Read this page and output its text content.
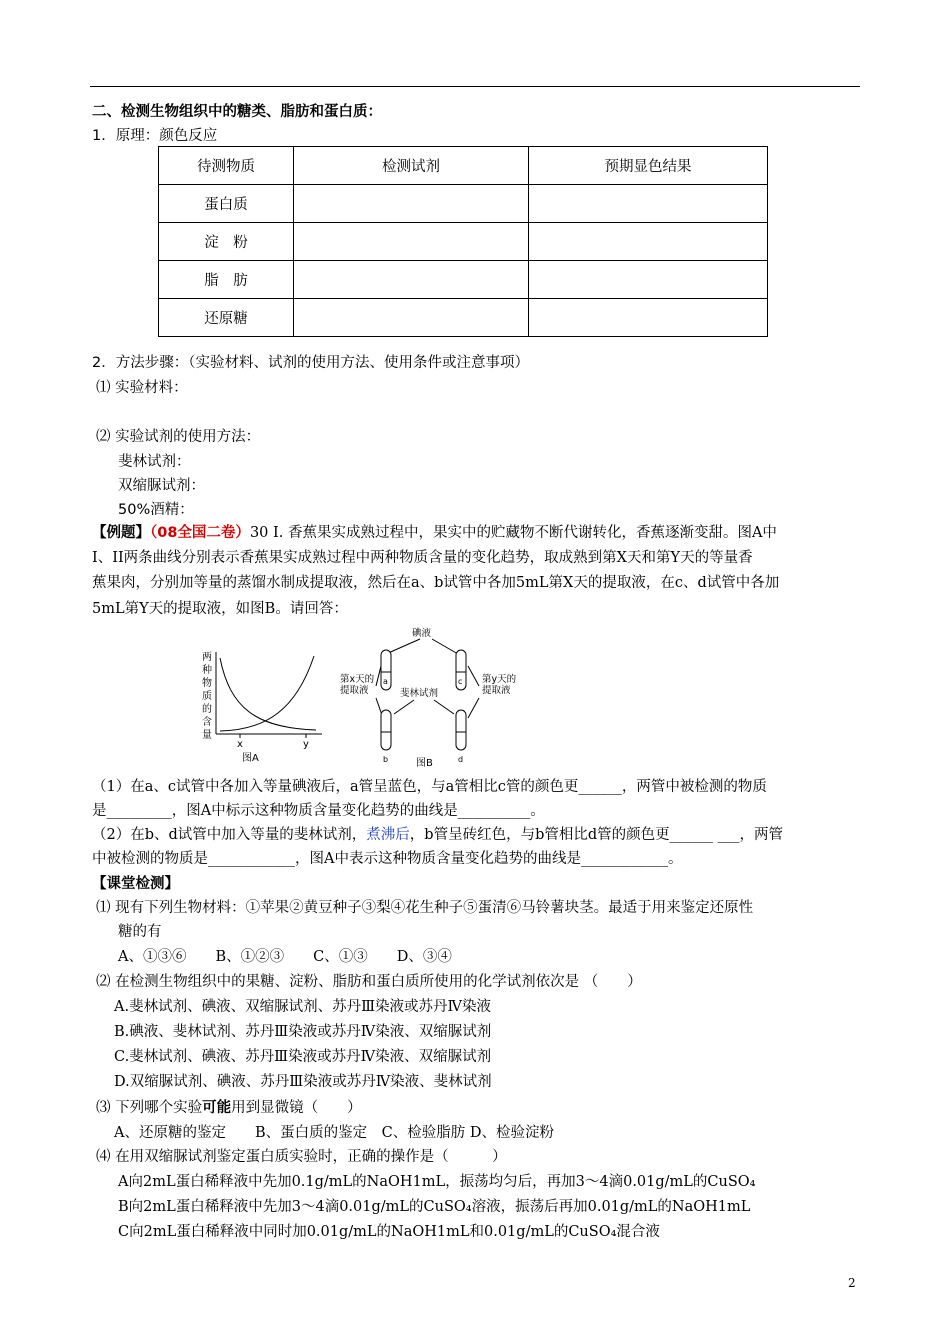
二、检测生物组织中的糖类、脂肪和蛋白质：
1．原理：颜色反应
待测物质	检测试剂	预期显色结果
蛋白质		
淀　粉		
脂　肪		
还原糖		
2．方法步骤：（实验材料、试剂的使用方法、使用条件或注意事项）
⑴ 实验材料：
⑵ 实验试剂的使用方法：
斐林试剂：
双缩脲试剂：
50%酒精：
【例题】（08全国二卷）30 I. 香蕉果实成熟过程中，果实中的贮藏物不断代谢转化，香蕉逐渐变甜。图A中
I、II两条曲线分别表示香蕉果实成熟过程中两种物质含量的变化趋势，取成熟到第X天和第Y天的等量香
蕉果肉，分别加等量的蒸馏水制成提取液，然后在a、b试管中各加5mL第X天的提取液，在c、d试管中各加
5mL第Y天的提取液，如图B。请回答：
两
种
物
质
的
含
量
x	y
图A
碘液
a	c
第x天的
提取液
第y天的
提取液
斐林试剂
b	d
图B
（1）在a、c试管中各加入等量碘液后，a管呈蓝色，与a管相比c管的颜色更______，两管中被检测的物质
是_________，图A中标示这种物质含量变化趋势的曲线是__________。
（2）在b、d试管中加入等量的斐林试剂，煮沸后，b管呈砖红色，与b管相比d管的颜色更______ ___，两管
中被检测的物质是____________，图A中表示这种物质含量变化趋势的曲线是____________。
【课堂检测】
⑴ 现有下列生物材料：①苹果②黄豆种子③梨④花生种子⑤蛋清⑥马铃薯块茎。最适于用来鉴定还原性
糖的有
A、①③⑥　　B、①②③　　C、①③　　D、③④
⑵ 在检测生物组织中的果糖、淀粉、脂肪和蛋白质所使用的化学试剂依次是 （　　）
A.斐林试剂、碘液、双缩脲试剂、苏丹Ⅲ染液或苏丹Ⅳ染液
B.碘液、斐林试剂、苏丹Ⅲ染液或苏丹Ⅳ染液、双缩脲试剂
C.斐林试剂、碘液、苏丹Ⅲ染液或苏丹Ⅳ染液、双缩脲试剂
D.双缩脲试剂、碘液、苏丹Ⅲ染液或苏丹Ⅳ染液、斐林试剂
⑶ 下列哪个实验可能用到显微镜（　　）
A、还原糖的鉴定　　B、蛋白质的鉴定　C、检验脂肪 D、检验淀粉
⑷ 在用双缩脲试剂鉴定蛋白质实验时，正确的操作是（　　　）
A向2mL蛋白稀释液中先加0.1g/mL的NaOH1mL，振荡均匀后，再加3～4滴0.01g/mL的CuSO₄
B向2mL蛋白稀释液中先加3～4滴0.01g/mL的CuSO₄溶液，振荡后再加0.01g/mL的NaOH1mL
C向2mL蛋白稀释液中同时加0.01g/mL的NaOH1mL和0.01g/mL的CuSO₄混合液
2
